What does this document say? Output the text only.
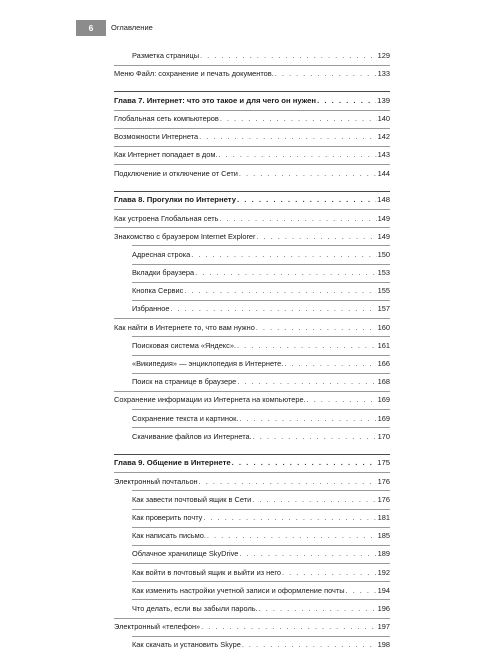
6 Оглавление
Разметка страницы . . .	129
Меню Файл: сохранение и печать документов. . . .	133
Глава 7. Интернет: что это такое и для чего он нужен . . .	139
Глобальная сеть компьютеров . . .	140
Возможности Интернета . . .	142
Как Интернет попадает в дом. . . .	143
Подключение и отключение от Сети . . .	144
Глава 8. Прогулки по Интернету . . .	148
Как устроена Глобальная сеть . . .	149
Знакомство с браузером Internet Explorer . . .	149
Адресная строка . . .	150
Вкладки браузера . . .	153
Кнопка Сервис . . .	155
Избранное . . .	157
Как найти в Интернете то, что вам нужно . . .	160
Поисковая система «Яндекс». . . .	161
«Википедия» — энциклопедия в Интернете. . . .	166
Поиск на странице в браузере . . .	168
Сохранение информации из Интернета на компьютере. . . .	169
Сохранение текста и картинок. . . .	169
Скачивание файлов из Интернета. . . .	170
Глава 9. Общение в Интернете . . .	175
Электронный почтальон . . .	176
Как завести почтовый ящик в Сети . . .	176
Как проверить почту . . .	181
Как написать письмо. . . .	185
Облачное хранилище SkyDrive . . .	189
Как войти в почтовый ящик и выйти из него . . .	192
Как изменить настройки учетной записи и оформление почты . . .	194
Что делать, если вы забыли пароль. . . .	196
Электронный «телефон» . . .	197
Как скачать и установить Skype . . .	198
